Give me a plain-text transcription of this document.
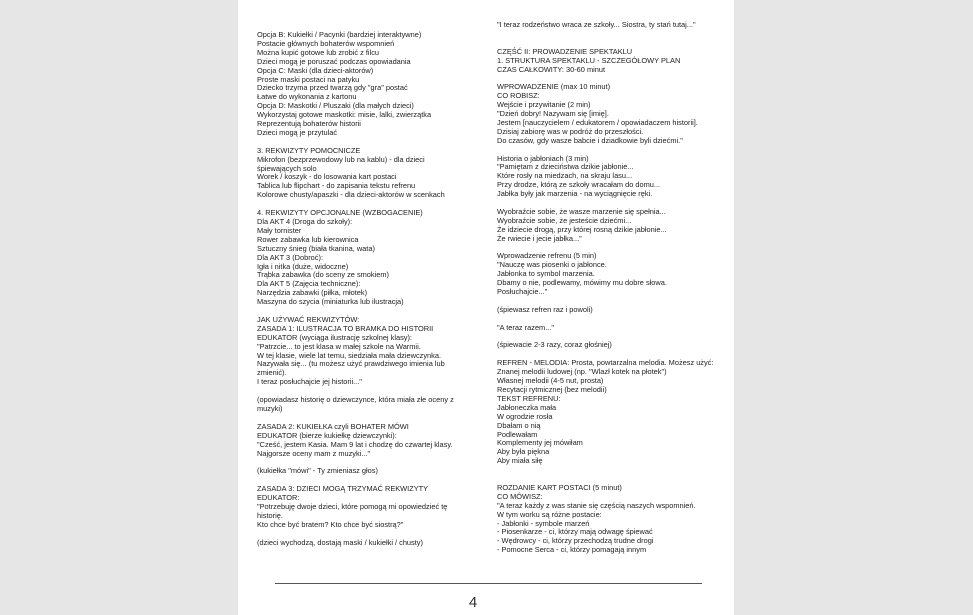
Opcja B: Kukiełki / Pacynki (bardziej interaktywne)
Postacie głównych bohaterów wspomnień
Można kupić gotowe lub zrobić z filcu
Dzieci mogą je poruszać podczas opowiadania
Opcja C: Maski (dla dzieci-aktorów)
Proste maski postaci na patyku
Dziecko trzyma przed twarzą gdy "gra" postać
Łatwe do wykonania z kartonu
Opcja D: Maskotki / Pluszaki (dla małych dzieci)
Wykorzystaj gotowe maskotki: misie, lalki, zwierzątka
Reprezentują bohaterów historii
Dzieci mogą je przytulać
3. REKWIZYTY POMOCNICZE
Mikrofon (bezprzewodowy lub na kablu) - dla dzieci
śpiewających solo
Worek / koszyk - do losowania kart postaci
Tablica lub flipchart - do zapisania tekstu refrenu
Kolorowe chusty/apaszki - dla dzieci-aktorów w scenkach
4. REKWIZYTY OPCJONALNE (WZBOGACENIE)
Dla AKT 4 (Droga do szkoły):
Mały tornister
Rower zabawka lub kierownica
Sztuczny śnieg (biała tkanina, wata)
Dla AKT 3 (Dobroć):
Igła i nitka (duże, widoczne)
Trąbka zabawka (do sceny ze smokiem)
Dla AKT 5 (Zajęcia techniczne):
Narzędzia zabawki (piłka, młotek)
Maszyna do szycia (miniaturka lub ilustracja)
JAK UŻYWAĆ REKWIZYTÓW:
ZASADA 1: ILUSTRACJA TO BRAMKA DO HISTORII
EDUKATOR (wyciąga ilustrację szkolnej klasy):
"Patrzcie... to jest klasa w małej szkole na Warmii.
W tej klasie, wiele lat temu, siedziała mała dziewczynka.
Nazywała się... (tu możesz użyć prawdziwego imienia lub
zmienić).
I teraz posłuchajcie jej historii..."
(opowiadasz historię o dziewczynce, która miała złe oceny z
muzyki)
ZASADA 2: KUKIEŁKA czyli BOHATER MÓWI
EDUKATOR (bierze kukiełkę dziewczynki):
"Cześć, jestem Kasia. Mam 9 lat i chodzę do czwartej klasy.
Najgorsze oceny mam z muzyki..."
(kukiełka "mówi" - Ty zmieniasz głos)
ZASADA 3: DZIECI MOGĄ TRZYMAĆ REKWIZYTY
EDUKATOR:
"Potrzebuję dwoje dzieci, które pomogą mi opowiedzieć tę
historię.
Kto chce być bratem? Kto chce być siostrą?"
(dzieci wychodzą, dostają maski / kukiełki / chusty)
"I teraz rodzeństwo wraca ze szkoły... Siostra, ty stań tutaj..."
CZĘŚĆ II: PROWADZENIE SPEKTAKLU
1. STRUKTURA SPEKTAKLU - SZCZEGÓŁOWY PLAN
CZAS CAŁKOWITY: 30-60 minut
WPROWADZENIE (max 10 minut)
CO ROBISZ:
Wejście i przywitanie (2 min)
"Dzień dobry! Nazywam się [imię].
Jestem [nauczycielem / edukatorem / opowiadaczem historii].
Dzisiaj zabiorę was w podróż do przeszłości.
Do czasów, gdy wasze babcie i dziadkowie byli dziećmi."
Historia o jabłoniach (3 min)
"Pamiętam z dzieciństwa dzikie jabłonie...
Które rosły na miedzach, na skraju lasu...
Przy drodze, którą ze szkoły wracałam do domu...
Jabłka były jak marzenia - na wyciągnięcie ręki.
Wyobraźcie sobie, że wasze marzenie się spełnia...
Wyobraźcie sobie, że jesteście dziećmi...
Że idziecie drogą, przy której rosną dzikie jabłonie...
Że rwiecie i jecie jabłka..."
Wprowadzenie refrenu (5 min)
"Nauczę was piosenki o jabłonce.
Jabłonka to symbol marzenia.
Dbamy o nie, podlewamy, mówimy mu dobre słowa.
Posłuchajcie..."
(śpiewasz refren raz i powoli)
"A teraz razem..."
(śpiewacie 2-3 razy, coraz głośniej)
REFREN - MELODIA: Prosta, powtarzalna melodia. Możesz użyć:
Znanej melodii ludowej (np. "Wlazł kotek na płotek")
Własnej melodii (4-5 nut, prosta)
Recytacji rytmicznej (bez melodii)
TEKST REFRENU:
Jabłoneczka mała
W ogrodzie rosła
Dbałam o nią
Podlewałam
Komplementy jej mówiłam
Aby była piękna
Aby miała siłę
ROZDANIE KART POSTACI (5 minut)
CO MÓWISZ:
"A teraz każdy z was stanie się częścią naszych wspomnień.
W tym worku są różne postacie:
- Jabłonki - symbole marzeń
- Piosenkarze - ci, którzy mają odwagę śpiewać
- Wędrowcy - ci, którzy przechodzą trudne drogi
- Pomocne Serca - ci, którzy pomagają innym
4
